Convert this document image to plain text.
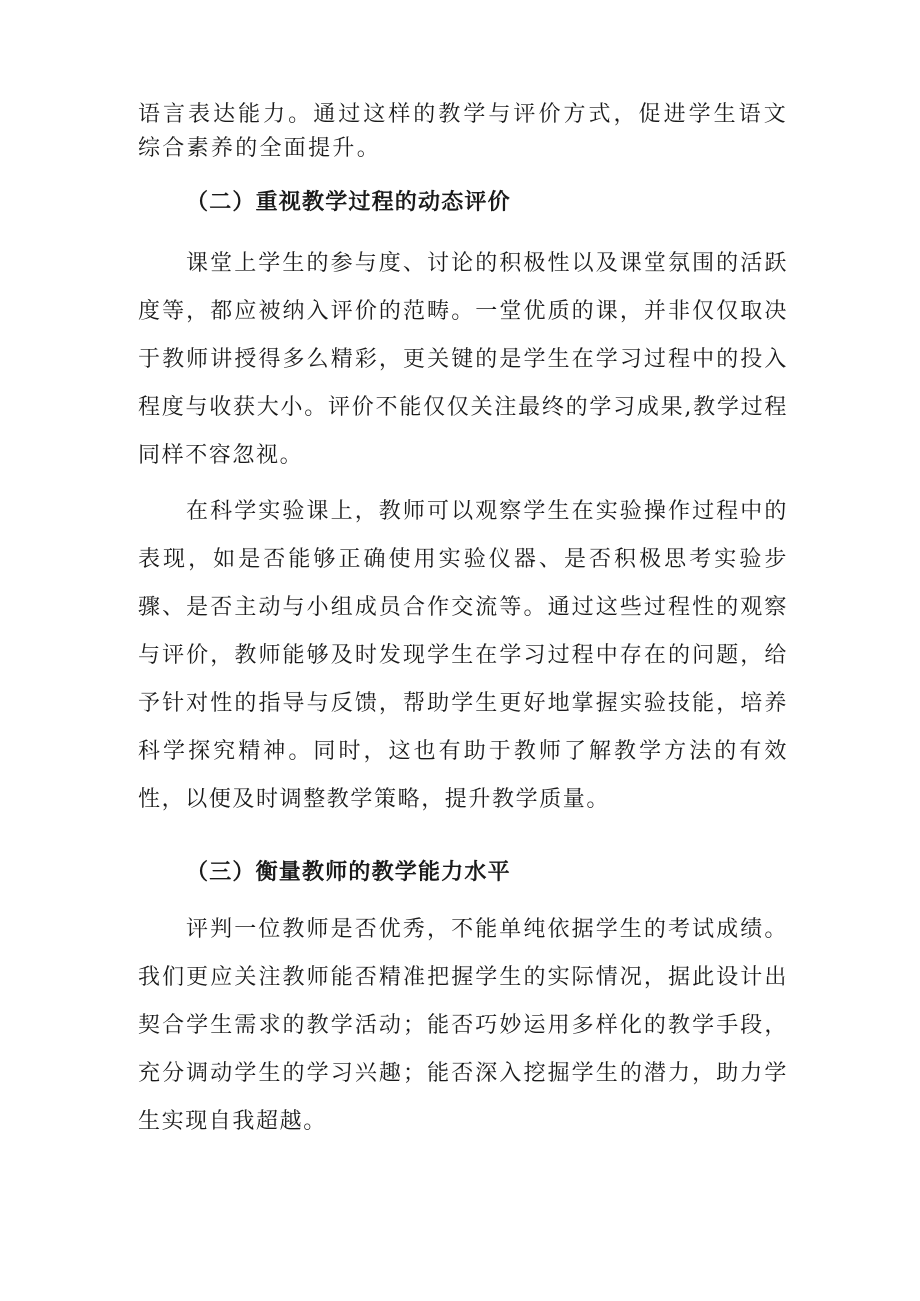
语言表达能力。通过这样的教学与评价方式，促进学生语文综合素养的全面提升。

（二）重视教学过程的动态评价

课堂上学生的参与度、讨论的积极性以及课堂氛围的活跃度等，都应被纳入评价的范畴。一堂优质的课，并非仅仅取决于教师讲授得多么精彩，更关键的是学生在学习过程中的投入程度与收获大小。评价不能仅仅关注最终的学习成果,教学过程同样不容忽视。

在科学实验课上，教师可以观察学生在实验操作过程中的表现，如是否能够正确使用实验仪器、是否积极思考实验步骤、是否主动与小组成员合作交流等。通过这些过程性的观察与评价，教师能够及时发现学生在学习过程中存在的问题，给予针对性的指导与反馈，帮助学生更好地掌握实验技能，培养科学探究精神。同时，这也有助于教师了解教学方法的有效性，以便及时调整教学策略，提升教学质量。

（三）衡量教师的教学能力水平

评判一位教师是否优秀，不能单纯依据学生的考试成绩。我们更应关注教师能否精准把握学生的实际情况，据此设计出契合学生需求的教学活动；能否巧妙运用多样化的教学手段，充分调动学生的学习兴趣；能否深入挖掘学生的潜力，助力学生实现自我超越。
